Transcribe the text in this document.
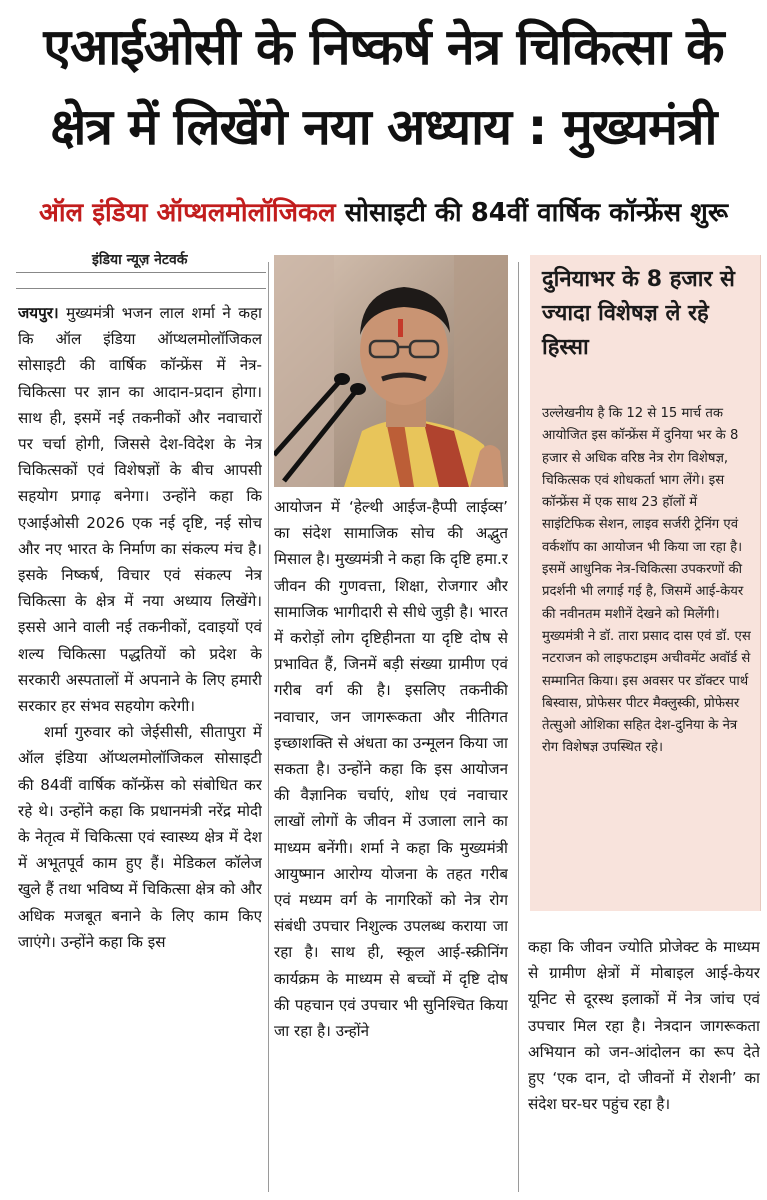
एआईओसी के निष्कर्ष नेत्र चिकित्सा के
क्षेत्र में लिखेंगे नया अध्याय : मुख्यमंत्री
ऑल इंडिया ऑप्थलमोलॉजिकल सोसाइटी की 84वीं वार्षिक कॉन्फ्रेंस शुरू
इंडिया न्यूज़ नेटवर्क

जयपुर। मुख्यमंत्री भजन लाल शर्मा ने कहा कि ऑल इंडिया ऑप्थलमोलॉजिकल सोसाइटी की वार्षिक कॉन्फ्रेंस में नेत्र-चिकित्सा पर ज्ञान का आदान-प्रदान होगा। साथ ही, इसमें नई तकनीकों और नवाचारों पर चर्चा होगी, जिससे देश-विदेश के नेत्र चिकित्सकों एवं विशेषज्ञों के बीच आपसी सहयोग प्रगाढ़ बनेगा। उन्होंने कहा कि एआईओसी 2026 एक नई दृष्टि, नई सोच और नए भारत के निर्माण का संकल्प मंच है। इसके निष्कर्ष, विचार एवं संकल्प नेत्र चिकित्सा के क्षेत्र में नया अध्याय लिखेंगे। इससे आने वाली नई तकनीकों, दवाइयों एवं शल्य चिकित्सा पद्धतियों को प्रदेश के सरकारी अस्पतालों में अपनाने के लिए हमारी सरकार हर संभव सहयोग करेगी।

शर्मा गुरुवार को जेईसीसी, सीतापुरा में ऑल इंडिया ऑप्थलमोलॉजिकल सोसाइटी की 84वीं वार्षिक कॉन्फ्रेंस को संबोधित कर रहे थे। उन्होंने कहा कि प्रधानमंत्री नरेंद्र मोदी के नेतृत्व में चिकित्सा एवं स्वास्थ्य क्षेत्र में देश में अभूतपूर्व काम हुए हैं। मेडिकल कॉलेज खुले हैं तथा भविष्य में चिकित्सा क्षेत्र को और अधिक मजबूत बनाने के लिए काम किए जाएंगे। उन्होंने कहा कि इस

आयोजन में ‘हेल्थी आईज-हैप्पी लाईव्स’ का संदेश सामाजिक सोच की अद्भुत मिसाल है। मुख्यमंत्री ने कहा कि दृष्टि हमा.र जीवन की गुणवत्ता, शिक्षा, रोजगार और सामाजिक भागीदारी से सीधे जुड़ी है। भारत में करोड़ों लोग दृष्टिहीनता या दृष्टि दोष से प्रभावित हैं, जिनमें बड़ी संख्या ग्रामीण एवं गरीब वर्ग की है। इसलिए तकनीकी नवाचार, जन जागरूकता और नीतिगत इच्छाशक्ति से अंधता का उन्मूलन किया जा सकता है। उन्होंने कहा कि इस आयोजन की वैज्ञानिक चर्चाएं, शोध एवं नवाचार लाखों लोगों के जीवन में उजाला लाने का माध्यम बनेंगी। शर्मा ने कहा कि मुख्यमंत्री आयुष्मान आरोग्य योजना के तहत गरीब एवं मध्यम वर्ग के नागरिकों को नेत्र रोग संबंधी उपचार निशुल्क उपलब्ध कराया जा रहा है। साथ ही, स्कूल आई-स्क्रीनिंग कार्यक्रम के माध्यम से बच्चों में दृष्टि दोष की पहचान एवं उपचार भी सुनिश्चित किया जा रहा है। उन्होंने

दुनियाभर के 8 हजार से ज्यादा विशेषज्ञ ले रहे हिस्सा
उल्लेखनीय है कि 12 से 15 मार्च तक आयोजित इस कॉन्फ्रेंस में दुनिया भर के 8 हजार से अधिक वरिष्ठ नेत्र रोग विशेषज्ञ, चिकित्सक एवं शोधकर्ता भाग लेंगे। इस कॉन्फ्रेंस में एक साथ 23 हॉलों में साइंटिफिक सेशन, लाइव सर्जरी ट्रेनिंग एवं वर्कशॉप का आयोजन भी किया जा रहा है। इसमें आधुनिक नेत्र-चिकित्सा उपकरणों की प्रदर्शनी भी लगाई गई है, जिसमें आई-केयर की नवीनतम मशीनें देखने को मिलेंगी। मुख्यमंत्री ने डॉ. तारा प्रसाद दास एवं डॉ. एस नटराजन को लाइफटाइम अचीवमेंट अवॉर्ड से सम्मानित किया। इस अवसर पर डॉक्टर पार्थ बिस्वास, प्रोफेसर पीटर मैक्लुस्की, प्रोफेसर तेत्सुओ ओशिका सहित देश-दुनिया के नेत्र रोग विशेषज्ञ उपस्थित रहे।

कहा कि जीवन ज्योति प्रोजेक्ट के माध्यम से ग्रामीण क्षेत्रों में मोबाइल आई-केयर यूनिट से दूरस्थ इलाकों में नेत्र जांच एवं उपचार मिल रहा है। नेत्रदान जागरूकता अभियान को जन-आंदोलन का रूप देते हुए ‘एक दान, दो जीवनों में रोशनी’ का संदेश घर-घर पहुंच रहा है।
